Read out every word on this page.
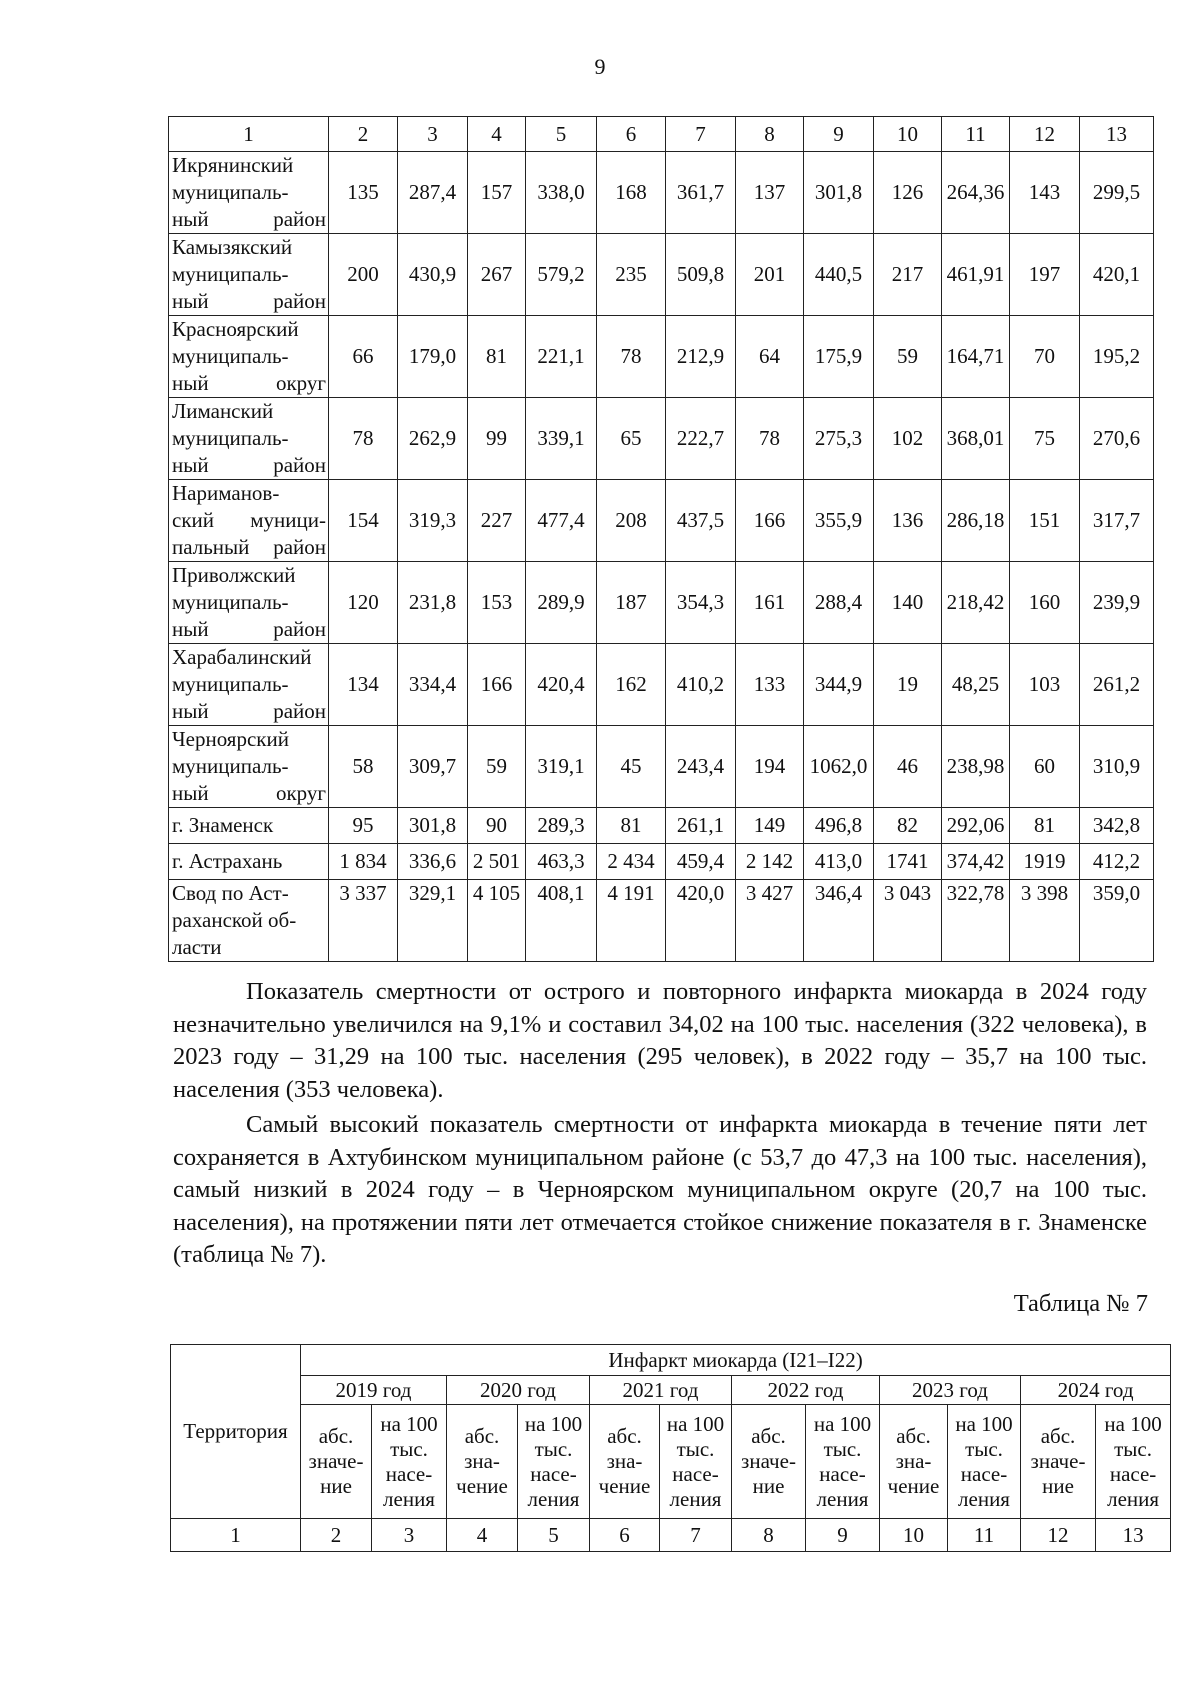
9
1	2	3	4	5	6	7	8	9	10	11	12	13
Икрянинский
муниципаль-
ный район	135	287,4	157	338,0	168	361,7	137	301,8	126	264,36	143	299,5
Камызякский
муниципаль-
ный район	200	430,9	267	579,2	235	509,8	201	440,5	217	461,91	197	420,1
Красноярский
муниципаль-
ный округ	66	179,0	81	221,1	78	212,9	64	175,9	59	164,71	70	195,2
Лиманский
муниципаль-
ный район	78	262,9	99	339,1	65	222,7	78	275,3	102	368,01	75	270,6
Нариманов-
ский муници-
пальный район	154	319,3	227	477,4	208	437,5	166	355,9	136	286,18	151	317,7
Приволжский
муниципаль-
ный район	120	231,8	153	289,9	187	354,3	161	288,4	140	218,42	160	239,9
Харабалинский
муниципаль-
ный район	134	334,4	166	420,4	162	410,2	133	344,9	19	48,25	103	261,2
Черноярский
муниципаль-
ный округ	58	309,7	59	319,1	45	243,4	194	1062,0	46	238,98	60	310,9
г. Знаменск	95	301,8	90	289,3	81	261,1	149	496,8	82	292,06	81	342,8
г. Астрахань	1 834	336,6	2 501	463,3	2 434	459,4	2 142	413,0	1741	374,42	1919	412,2
Свод по Аст-
раханской об-
ласти	3 337	329,1	4 105	408,1	4 191	420,0	3 427	346,4	3 043	322,78	3 398	359,0

Показатель смертности от острого и повторного инфаркта миокарда в 2024 году незначительно увеличился на 9,1% и составил 34,02 на 100 тыс. населения (322 человека), в 2023 году – 31,29 на 100 тыс. населения (295 человек), в 2022 году – 35,7 на 100 тыс. населения (353 человека).

Самый высокий показатель смертности от инфаркта миокарда в течение пяти лет сохраняется в Ахтубинском муниципальном районе (с 53,7 до 47,3 на 100 тыс. населения), самый низкий в 2024 году – в Черноярском муниципальном округе (20,7 на 100 тыс. населения), на протяжении пяти лет отмечается стойкое снижение показателя в г. Знаменске (таблица № 7).

Таблица № 7
Территория	Инфаркт миокарда (I21–I22)											
	2019 год		2020 год		2021 год		2022 год		2023 год		2024 год	
	абс.
значе-
ние	на 100
тыс.
насе-
ления	абс.
зна-
чение	на 100
тыс.
насе-
ления	абс.
зна-
чение	на 100
тыс.
насе-
ления	абс.
значе-
ние	на 100
тыс.
насе-
ления	абс.
зна-
чение	на 100
тыс.
насе-
ления	абс.
значе-
ние	на 100
тыс.
насе-
ления
1	2	3	4	5	6	7	8	9	10	11	12	13
